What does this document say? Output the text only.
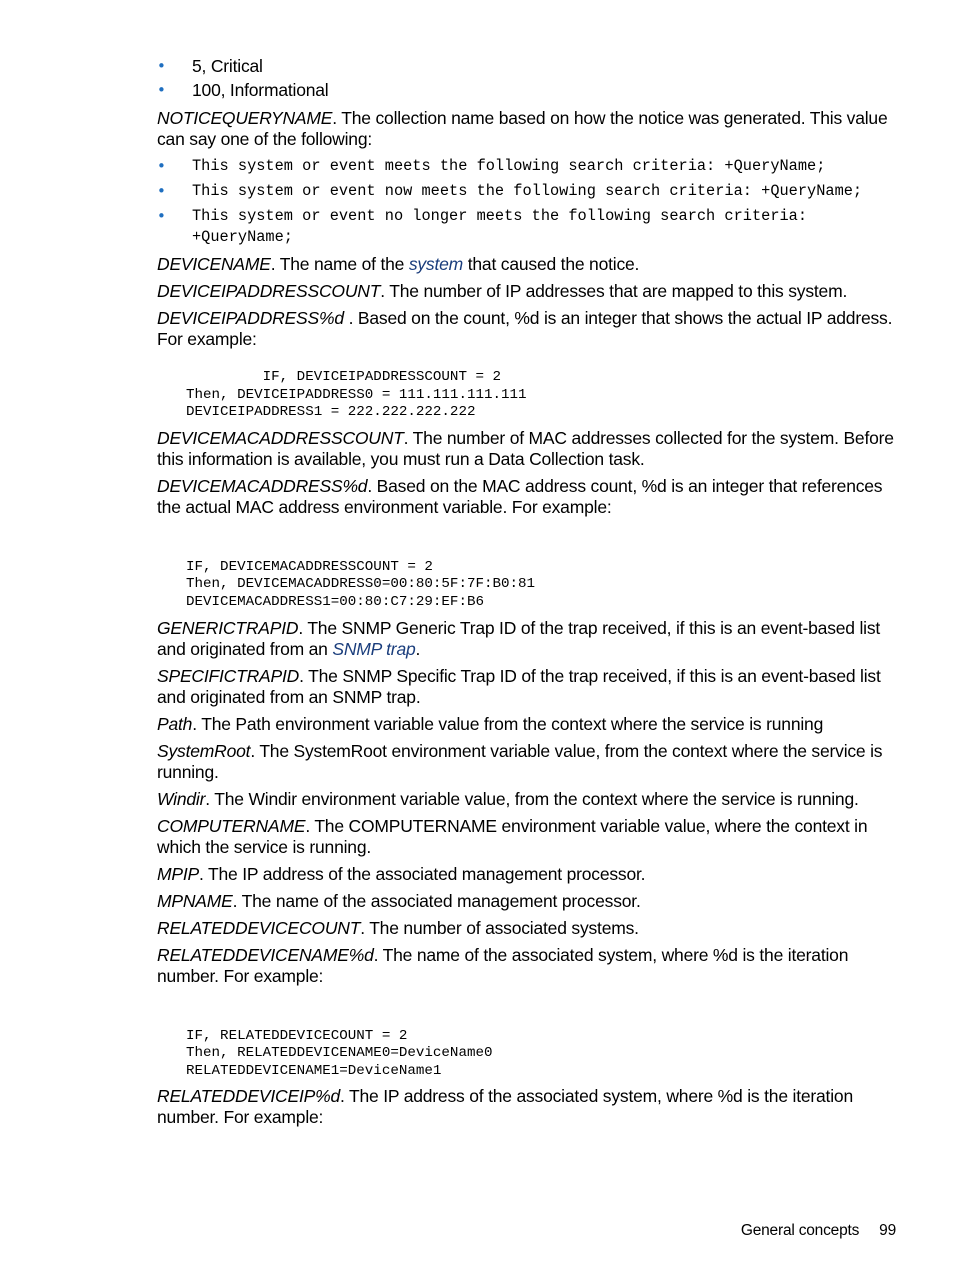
• 5, Critical
• 100, Informational

NOTICEQUERYNAME. The collection name based on how the notice was generated. This value can say one of the following:

• This system or event meets the following search criteria: +QueryName;
• This system or event now meets the following search criteria: +QueryName;
• This system or event no longer meets the following search criteria: +QueryName;

DEVICENAME. The name of the system that caused the notice.

DEVICEIPADDRESSCOUNT. The number of IP addresses that are mapped to this system.

DEVICEIPADDRESS%d . Based on the count, %d is an integer that shows the actual IP address. For example:

IF, DEVICEIPADDRESSCOUNT = 2
Then, DEVICEIPADDRESS0 = 111.111.111.111
DEVICEIPADDRESS1 = 222.222.222.222

DEVICEMACADDRESSCOUNT. The number of MAC addresses collected for the system. Before this information is available, you must run a Data Collection task.

DEVICEMACADDRESS%d. Based on the MAC address count, %d is an integer that references the actual MAC address environment variable. For example:

IF, DEVICEMACADDRESSCOUNT = 2
Then, DEVICEMACADDRESS0=00:80:5F:7F:B0:81
DEVICEMACADDRESS1=00:80:C7:29:EF:B6

GENERICTRAPID. The SNMP Generic Trap ID of the trap received, if this is an event-based list and originated from an SNMP trap.

SPECIFICTRAPID. The SNMP Specific Trap ID of the trap received, if this is an event-based list and originated from an SNMP trap.

Path. The Path environment variable value from the context where the service is running

SystemRoot. The SystemRoot environment variable value, from the context where the service is running.

Windir. The Windir environment variable value, from the context where the service is running.

COMPUTERNAME. The COMPUTERNAME environment variable value, where the context in which the service is running.

MPIP. The IP address of the associated management processor.

MPNAME. The name of the associated management processor.

RELATEDDEVICECOUNT. The number of associated systems.

RELATEDDEVICENAME%d. The name of the associated system, where %d is the iteration number. For example:

IF, RELATEDDEVICECOUNT = 2
Then, RELATEDDEVICENAME0=DeviceName0
RELATEDDEVICENAME1=DeviceName1

RELATEDDEVICEIP%d. The IP address of the associated system, where %d is the iteration number. For example:

General concepts 99
